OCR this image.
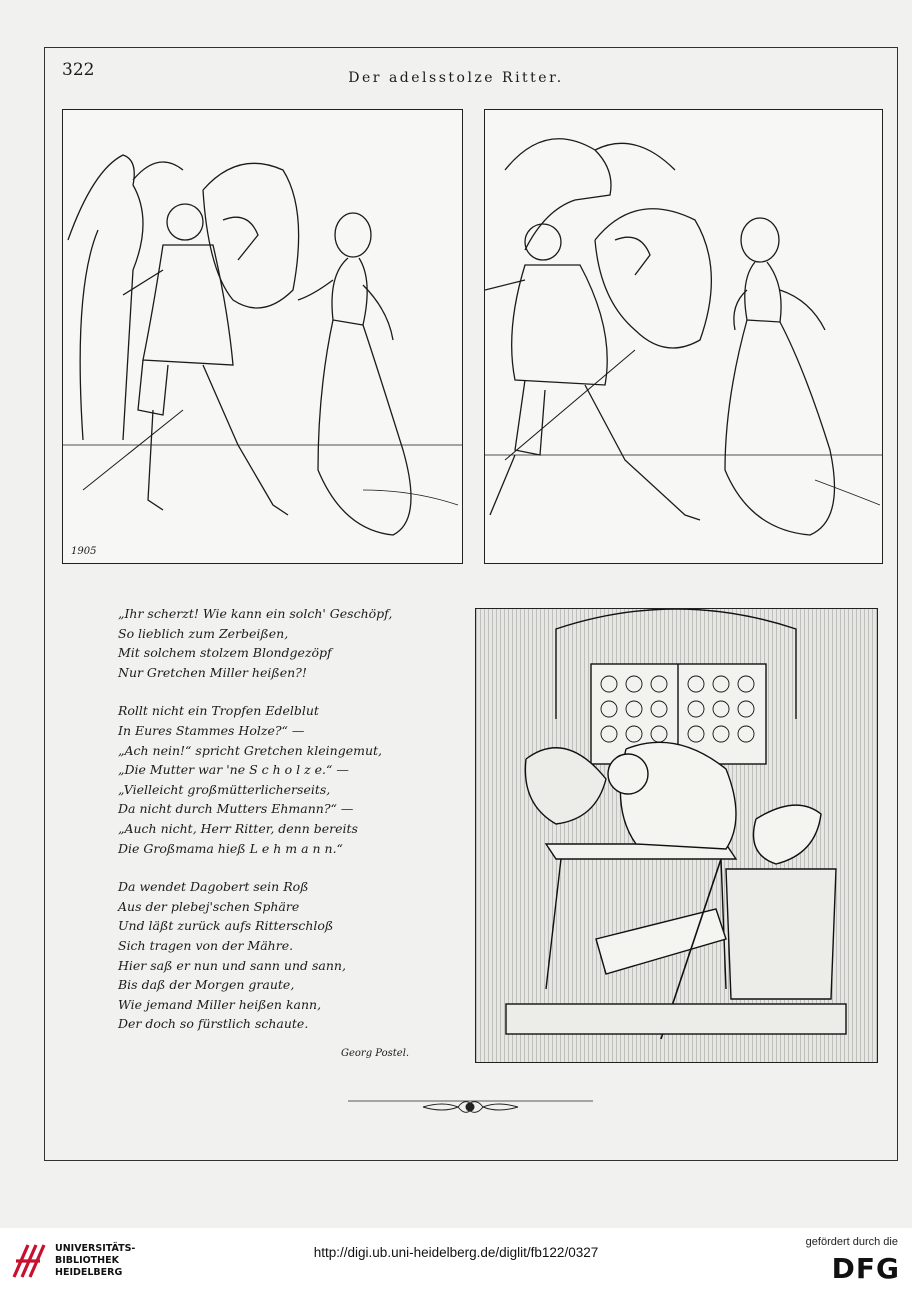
322	Der adelsstolze Ritter.
1905
„Ihr scherzt! Wie kann ein solch' Geschöpf,
So lieblich zum Zerbeißen,
Mit solchem stolzem Blondgezöpf
Nur Gretchen Miller heißen?!
Rollt nicht ein Tropfen Edelblut
In Eures Stammes Holze?“ —
„Ach nein!“ spricht Gretchen kleingemut,
„Die Mutter war 'ne S c h o l z e.“ —
„Vielleicht großmütterlicherseits,
Da nicht durch Mutters Ehmann?“ —
„Auch nicht, Herr Ritter, denn bereits
Die Großmama hieß L e h m a n n.“
Da wendet Dagobert sein Roß
Aus der plebej'schen Sphäre
Und läßt zurück aufs Ritterschloß
Sich tragen von der Mähre.
Hier saß er nun und sann und sann,
Bis daß der Morgen graute,
Wie jemand Miller heißen kann,
Der doch so fürstlich schaute.
Georg Postel.
UNIVERSITÄTS-
BIBLIOTHEK
HEIDELBERG
http://digi.ub.uni-heidelberg.de/diglit/fb122/0327
gefördert durch die
DFG
